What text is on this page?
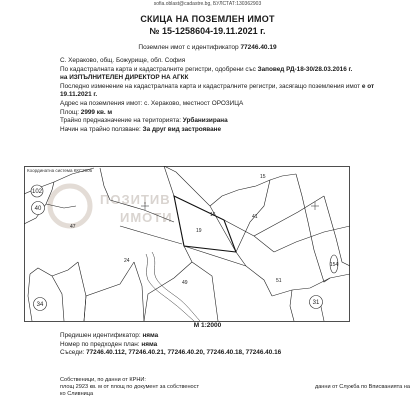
sofia.oblast@cadastre.bg, БУЛСТАТ:130362903
СКИЦА НА ПОЗЕМЛЕН ИМОТ
№ 15-1258604-19.11.2021 г.
Поземлен имот с идентификатор 77246.40.19
С. Хераково, общ. Божурище, обл. София
По кадастралната карта и кадастралните регистри, одобрени със Заповед РД-18-30/28.03.2016 г.
на ИЗПЪЛНИТЕЛЕН ДИРЕКТОР НА АГКК
Последно изменение на кадастралната карта и кадастралните регистри, засягащо поземления имот е от
19.11.2021 г.
Адрес на поземления имот: с. Хераково, местност ОРОЗИЦА
Площ: 2999 кв. м
Трайно предназначение на територията: Урбанизирана
Начин на трайно ползване: За друг вид застрояване
Координатна система ККС2005
ПОЗИТИВ
ИМОТИ
102
40
34	31
154
15
16
19
24
41
51
47
49
M 1:2000
Предишен идентификатор: няма
Номер по предходен план: няма
Съседи: 77246.40.112, 77246.40.21, 77246.40.20, 77246.40.18, 77246.40.16
Собственици, по данни от КРНИ:
площ 2923 кв. м от площ по документ за собственост	данни от Служба по Вписванията на
ко Сливница
